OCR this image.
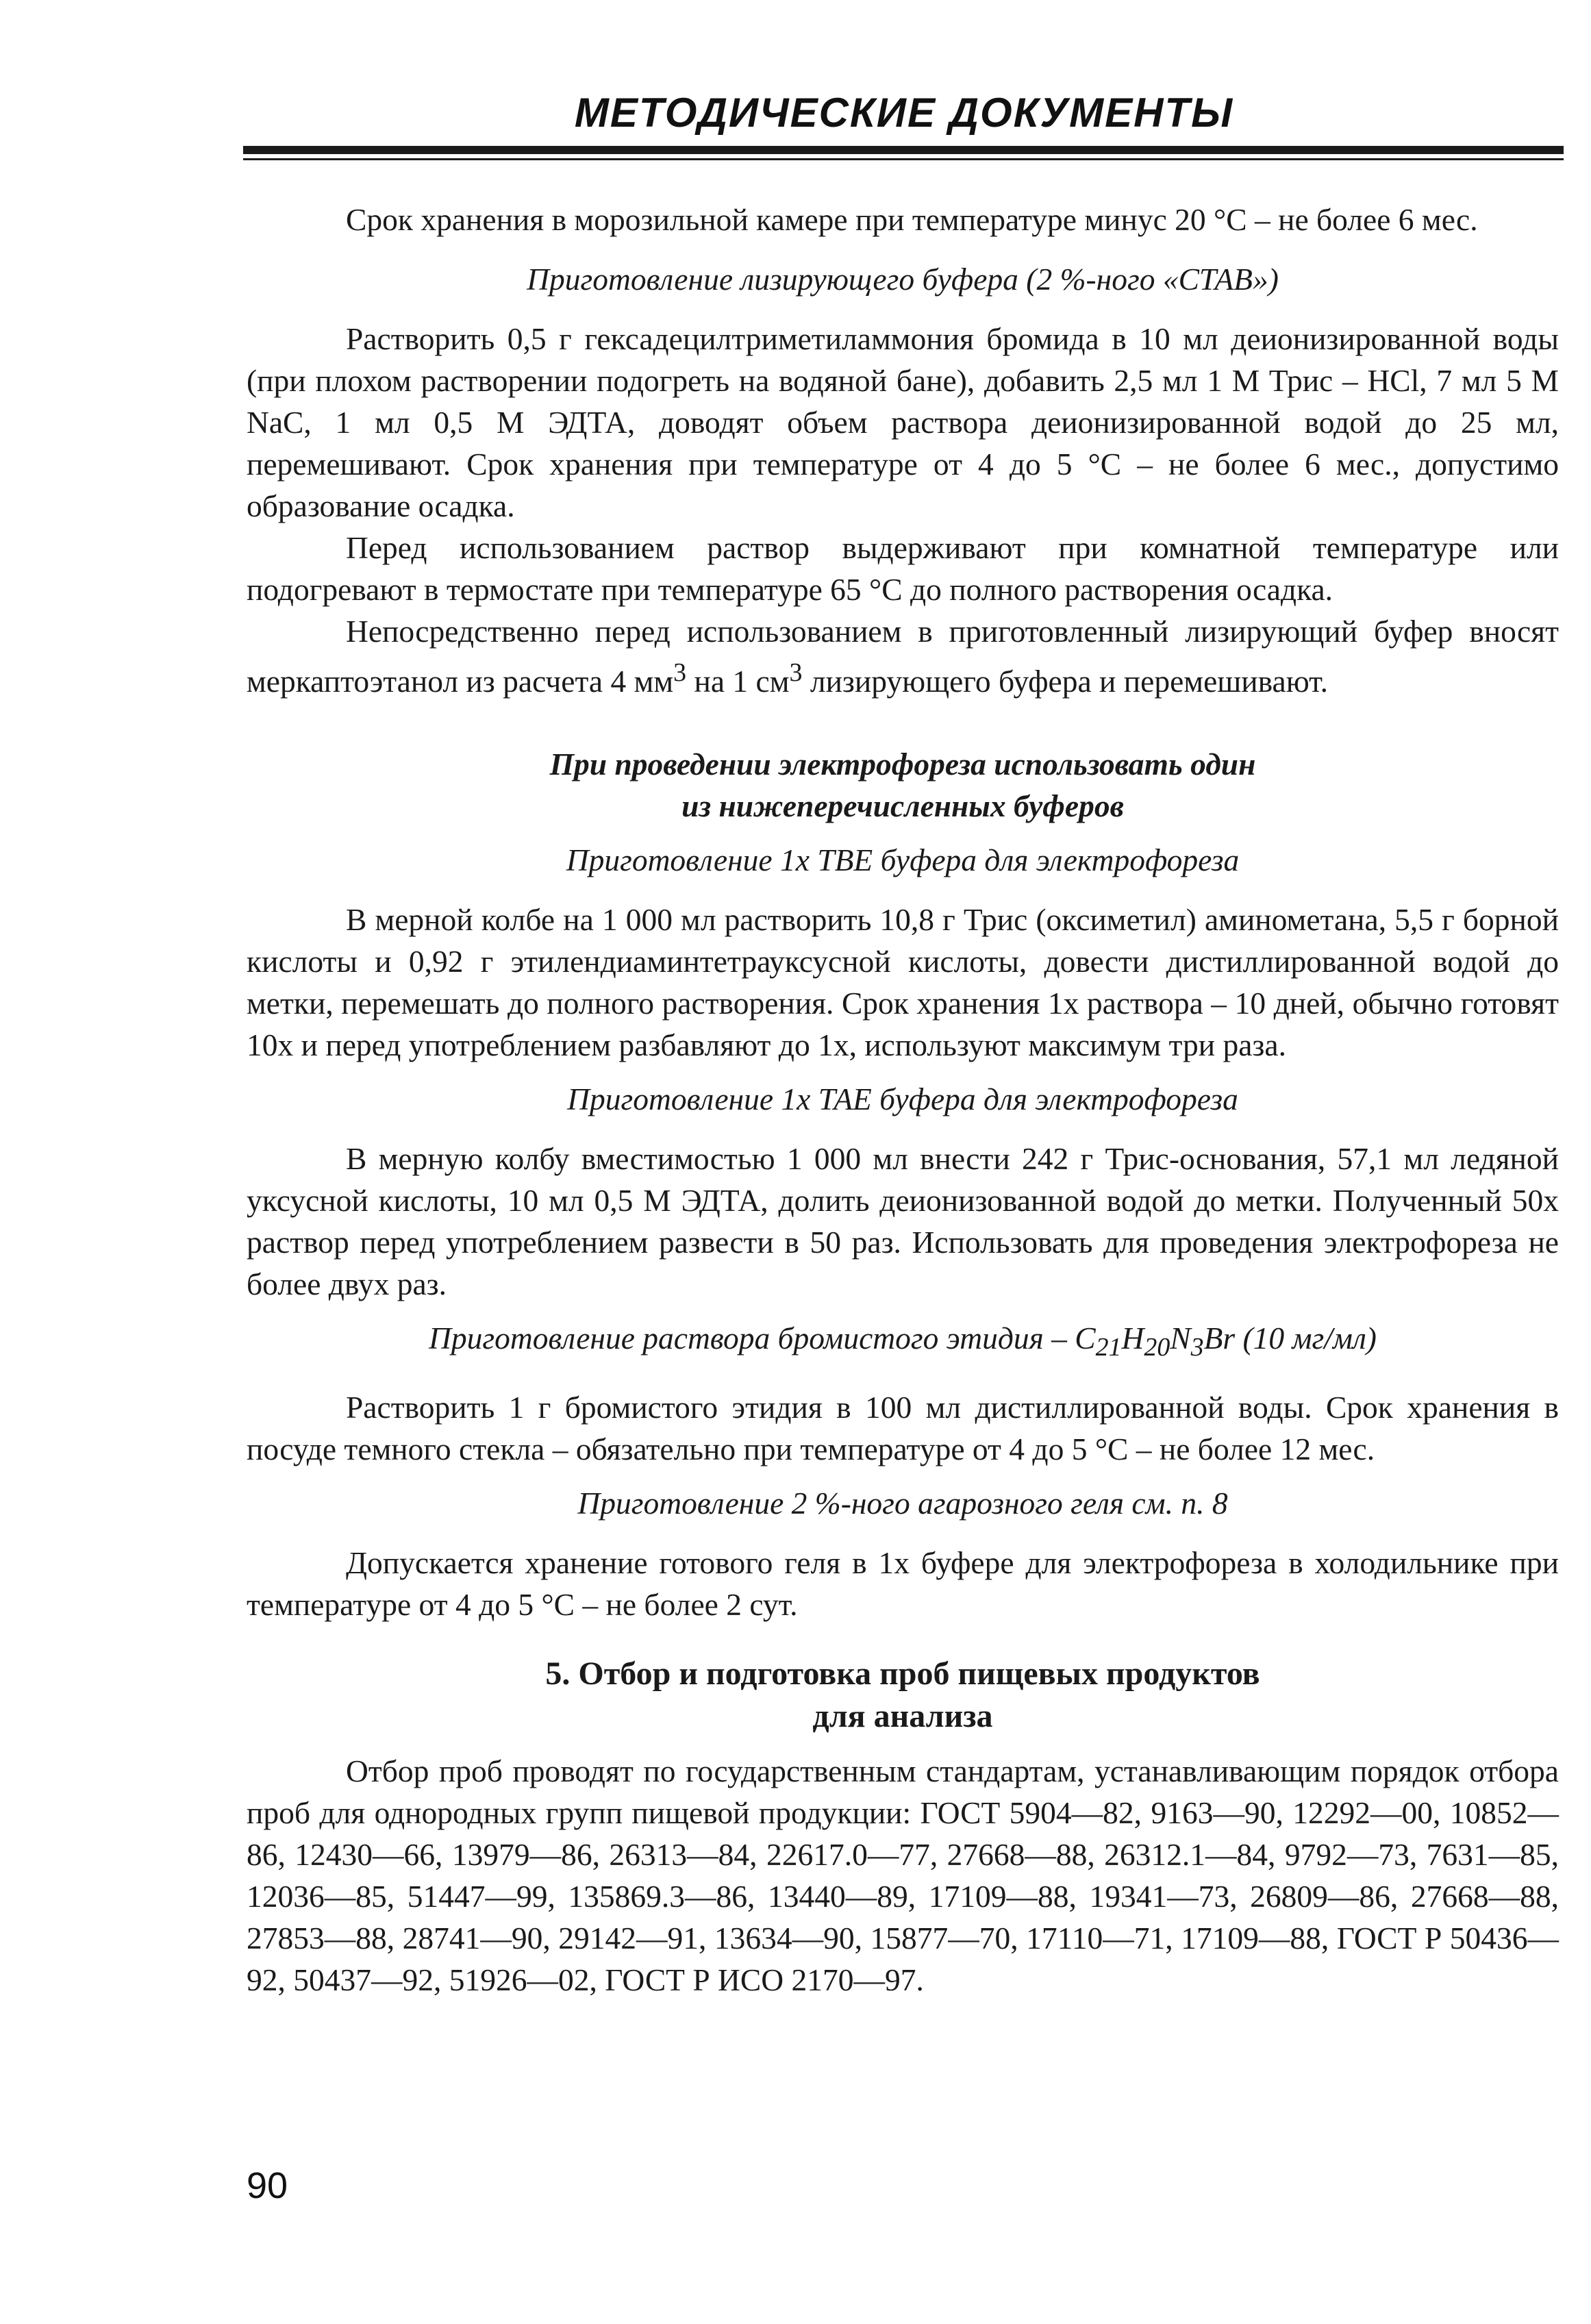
МЕТОДИЧЕСКИЕ ДОКУМЕНТЫ

Срок хранения в морозильной камере при температуре минус 20 °С – не более 6 мес.

Приготовление лизирующего буфера (2 %-ного «СТАВ»)

Растворить 0,5 г гексадецилтриметиламмония бромида в 10 мл деионизированной воды (при плохом растворении подогреть на водяной бане), добавить 2,5 мл 1 М Трис – HCl, 7 мл 5 М NaC, 1 мл 0,5 М ЭДТА, доводят объем раствора деионизированной водой до 25 мл, перемешивают. Срок хранения при температуре от 4 до 5 °С – не более 6 мес., допустимо образование осадка.

Перед использованием раствор выдерживают при комнатной температуре или подогревают в термостате при температуре 65 °С до полного растворения осадка.

Непосредственно перед использованием в приготовленный лизирующий буфер вносят меркаптоэтанол из расчета 4 $мм^3$ на 1 $см^3$ лизирующего буфера и перемешивают.

При проведении электрофореза использовать один

из нижеперечисленных буферов

Приготовление 1х ТВЕ буфера для электрофореза

В мерной колбе на 1 000 мл растворить 10,8 г Трис (оксиметил) аминометана, 5,5 г борной кислоты и 0,92 г этилендиаминтетрауксусной кислоты, довести дистиллированной водой до метки, перемешать до полного растворения. Срок хранения 1х раствора – 10 дней, обычно готовят 10х и перед употреблением разбавляют до 1х, используют максимум три раза.

Приготовление 1х ТАЕ буфера для электрофореза

В мерную колбу вместимостью 1 000 мл внести 242 г Трис-основания, 57,1 мл ледяной уксусной кислоты, 10 мл 0,5 М ЭДТА, долить деионизованной водой до метки. Полученный 50х раствор перед употреблением развести в 50 раз. Использовать для проведения электрофореза не более двух раз.

Приготовление раствора бромистого этидия – $C_{21}H_{20}N_3Br$ (10 мг/мл)

Растворить 1 г бромистого этидия в 100 мл дистиллированной воды. Срок хранения в посуде темного стекла – обязательно при температуре от 4 до 5 °С – не более 12 мес.

Приготовление 2 %-ного агарозного геля см. п. 8

Допускается хранение готового геля в 1х буфере для электрофореза в холодильнике при температуре от 4 до 5 °С – не более 2 сут.

5. Отбор и подготовка проб пищевых продуктов

для анализа

Отбор проб проводят по государственным стандартам, устанавливающим порядок отбора проб для однородных групп пищевой продукции: ГОСТ 5904—82, 9163—90, 12292—00, 10852—86, 12430—66, 13979—86, 26313—84, 22617.0—77, 27668—88, 26312.1—84, 9792—73, 7631—85, 12036—85, 51447—99, 135869.3—86, 13440—89, 17109—88, 19341—73, 26809—86, 27668—88, 27853—88, 28741—90, 29142—91, 13634—90, 15877—70, 17110—71, 17109—88, ГОСТ Р 50436—92, 50437—92, 51926—02, ГОСТ Р ИСО 2170—97.

90
